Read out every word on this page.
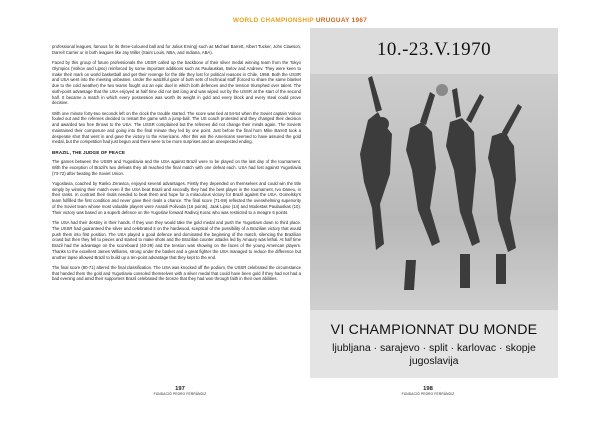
WORLD CHAMPIONSHIP URUGUAY 1967

professional leagues, famous for its three-coloured ball and for Julius Erving) such as Michael Barrett, Albert Tucker, John Clawson, Darrell Carrier or in both leagues like Jay Miller (Saint Louis, NBA, and Indiana, ABA).

Faced by this group of future professionals the USSR called up the backbone of their silver medal winning team from the Tokyo Olympics (Volkov and Lipso) reinforced by some important additions such as Paulauskas, Belov and Andreev. They were keen to make their mark on world basketball and get their revenge for the title they lost for political reasons in Chile, 1959. Both the USSR and USA went into the meeting unbeaten. Under the watchful gaze of both sets of technical staff (forced to share the same blanket due to the cold weather) the two teams fought out an epic duel in which both defences and the tension triumphed over talent. The sixth-point advantage that the USA enjoyed at half time did not last long and was wiped out by the USSR at the start of the second half. It became a match in which every possession was worth its weight in gold and every block and every steal could prove decisive.

With one minute forty-two seconds left on the clock the trouble started. The score was tied at 54-54 when the Soviet captain Volnov fouled out and the referees decided to restart the game with a jump-ball. The US coach protested and they changed their decision and awarded two free throws to the USA. The USSR complained but the referees did not change their minds again. The Soviets maintained their composure and going into the final minute they led by one point. Just before the final horn Mike Barrett took a desperate shot that went in and gave the victory to the Americans. After this win the Americans seemed to have assured the gold medal, but the competition had just begun and there were to be more surprises and an unexpected ending.

BRAZIL, THE JUDGE OF PEACE

The games between the USSR and Yugoslavia and the USA against Brazil were to be played on the last day of the tournament. With the exception of Brazil's two defeats they all reached the final match with one defeat each. USA had lost against Yugoslavia (73-72) after beating the Soviet Union.

Yugoslavia, coached by Ranko Zeravica, enjoyed several advantages. Firstly they depended on themselves and could win the title simply by winning their match even if the USA beat Brazil and secondly they had the best player in the tournament, Ivo Daneu, in their ranks. In contrast their rivals needed to beat them and hope for a miraculous victory for Brazil against the USA. Gomelsky's team fulfilled the first condition and never gave their rivals a chance. The final score (71-59) reflected the overwhelming superiority of the Soviet team whose most valuable players were Anatoli Polivoda (16 points), Jaak Lipso (14) and Modestas Paulauskas (10). Their victory was based on a superb defence on the Yugoslav forward Radivoj Korac who was restricted to a meagre 6 points.

The USA had their destiny in their hands. If they won they would take the gold medal and push the Yugoslavs down to third place. The USSR had guaranteed the silver and celebrated it on the hardwood, sceptical of the possibility of a Brazilian victory that would push them into first position. The USA played a good defence and dominated the beginning of the match, silencing the Brazilian crowd but then they fell to pieces and started to make shots and the Brazilian counter attacks led by Amaury was lethal. At half time Brazil had the advantage on the scoreboard (40-29) and the tension was showing on the faces of the young American players. Thanks to the excellent James Williams, strong under the basket and a great fighter the USA managed to reduce the difference but another lapse allowed Brazil to build up a ten-point advantage that they kept to the end.

The final score (80-71) altered the final classification. The USA was knocked off the podium, the USSR celebrated the circumstance that handed them the gold and Yugoslavia consoled themselves with a silver medal that could have been gold if they had not had a bad evening and amid their supporters Brazil celebrated the bronze that they had won through faith in their own abilities.

10.-23.V.1970
VI CHAMPIONNAT DU MONDE
ljubljana · sarajevo · split · karlovac · skopje
jugoslavija
197
FUNDACIÓ PEDRO FERRÁNDIZ
198
FUNDACIÓ PEDRO FERRÁNDIZ
